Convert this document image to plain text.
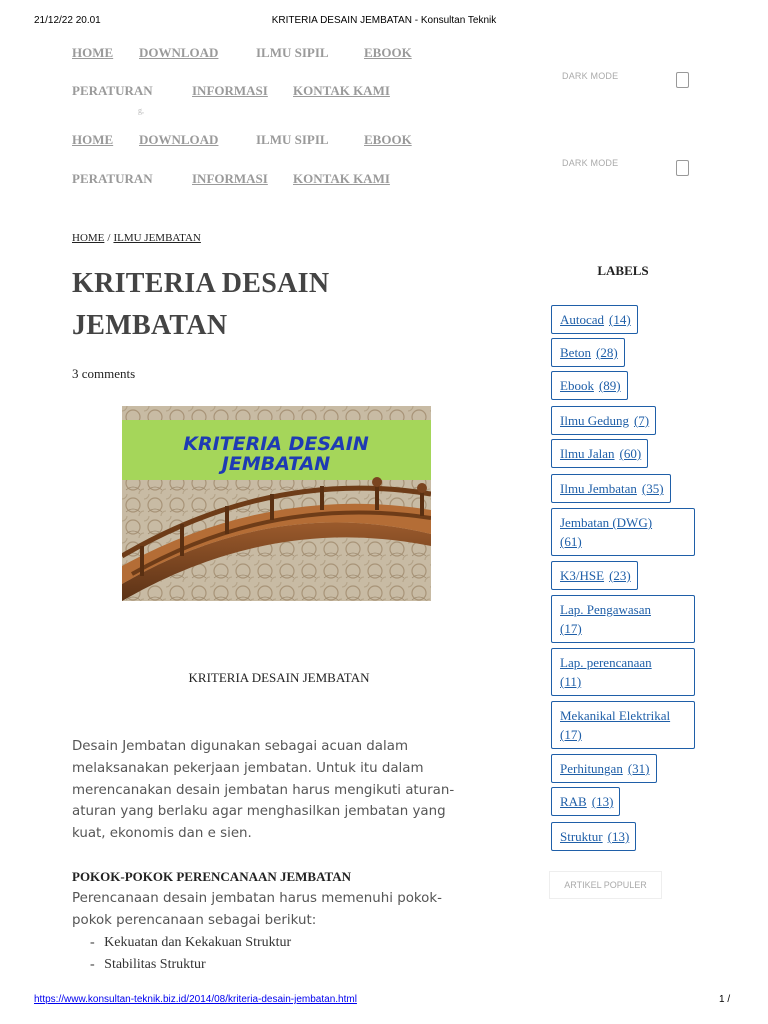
21/12/22 20.01	KRITERIA DESAIN JEMBATAN - Konsultan Teknik
HOME DOWNLOAD	ILMU SIPIL	EBOOK
PERATURAN	INFORMASI KONTAK KAMI
DARK MODE
g,
HOME DOWNLOAD	ILMU SIPIL	EBOOK
PERATURAN	INFORMASI KONTAK KAMI
DARK MODE
HOME / ILMU JEMBATAN
KRITERIA DESAIN JEMBATAN
3 comments
KRITERIA DESAIN
JEMBATAN
KRITERIA DESAIN JEMBATAN

Desain Jembatan digunakan sebagai acuan dalam melaksanakan pekerjaan jembatan. Untuk itu dalam merencanakan desain jembatan harus mengikuti aturan-aturan yang berlaku agar menghasilkan jembatan yang kuat, ekonomis dan e sien.

POKOK-POKOK PERENCANAAN JEMBATAN

Perencanaan desain jembatan harus memenuhi pokok-pokok perencanaan sebagai berikut:

- Kekuatan dan Kekakuan Struktur
- Stabilitas Struktur
LABELS
Autocad (14)
Beton (28)
Ebook (89)
Ilmu Gedung (7)
Ilmu Jalan (60)
Ilmu Jembatan (35)
Jembatan (DWG)
(61)
K3/HSE (23)
Lap. Pengawasan
(17)
Lap. perencanaan
(11)
Mekanikal Elektrikal
(17)
Perhitungan (31)
RAB (13)
Struktur (13)
ARTIKEL POPULER
https://www.konsultan-teknik.biz.id/2014/08/kriteria-desain-jembatan.html	1 /
